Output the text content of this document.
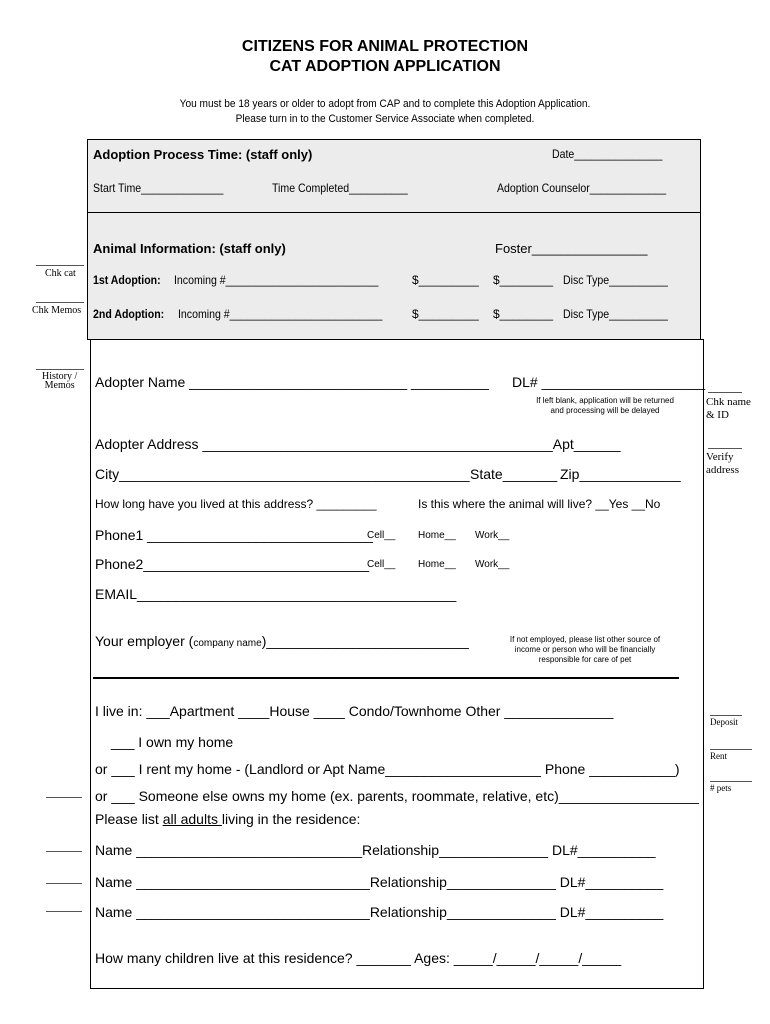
CITIZENS FOR ANIMAL PROTECTION
CAT ADOPTION APPLICATION
You must be 18 years or older to adopt from CAP and to complete this Adoption Application.
Please turn in to the Customer Service Associate when completed.
Adoption Process Time: (staff only)	Date_______________
Start Time______________	Time Completed__________	Adoption Counselor_____________
Animal Information: (staff only)	Foster________________
1st Adoption: Incoming #__________________________	$_________ $________ Disc Type__________
2nd Adoption: Incoming #__________________________ $_________ $________ Disc Type__________
Adopter Name ____________________________ __________ DL# _____________________
If left blank, application will be returned
and processing will be delayed
Adopter Address _____________________________________________Apt______
City_____________________________________________ State_______ Zip_____________
How long have you lived at this address? _________	Is this where the animal will live? __Yes __No
Phone1 _____________________________
Cell__ Home__ Work__
Phone2_____________________________
Cell__ Home__ Work__
EMAIL_________________________________________
Your employer (company name)__________________________	If not employed, please list other source of
income or person who will be financially
responsible for care of pet
I live in: ___Apartment ____House ____ Condo/Townhome Other ______________
___ I own my home
or ___ I rent my home - (Landlord or Apt Name____________________ Phone ___________)
or ___ Someone else owns my home (ex. parents, roommate, relative, etc)__________________
Please list all adults living in the residence:
Name _____________________________Relationship______________ DL#__________
Name ______________________________Relationship______________ DL#__________
Name ______________________________Relationship______________ DL#__________
How many children live at this residence? _______ Ages: _____/_____/_____/_____
Chk cat
Chk Memos
History /
Memos
Chk name
& ID
Verify
address
Deposit
Rent
# pets
